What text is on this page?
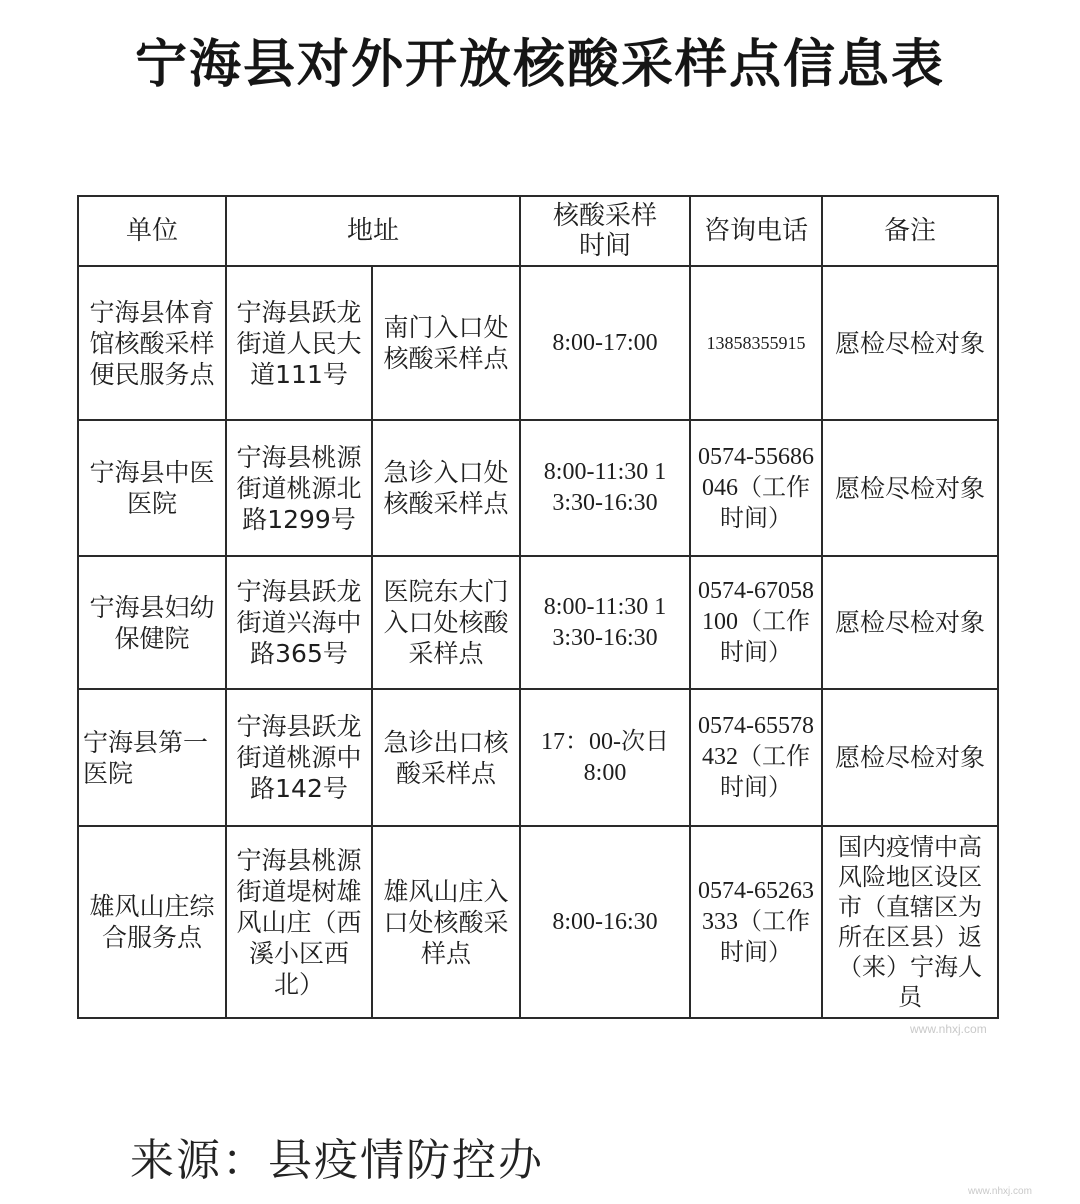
宁海县对外开放核酸采样点信息表
单位	地址		核酸采样时间	咨询电话	备注
宁海县体育馆核酸采样便民服务点	宁海县跃龙街道人民大道111号	南门入口处核酸采样点	8:00-17:00	13858355915	愿检尽检对象
宁海县中医医院	宁海县桃源街道桃源北路1299号	急诊入口处核酸采样点	8:00-11:30 13:30-16:30	0574-55686046（工作时间）	愿检尽检对象
宁海县妇幼保健院	宁海县跃龙街道兴海中路365号	医院东大门入口处核酸采样点	8:00-11:30 13:30-16:30	0574-67058100（工作时间）	愿检尽检对象
宁海县第一医院	宁海县跃龙街道桃源中路142号	急诊出口核酸采样点	17：00-次日8:00	0574-65578432（工作时间）	愿检尽检对象
雄风山庄综合服务点	宁海县桃源街道堤树雄风山庄（西溪小区西北）	雄风山庄入口处核酸采样点	8:00-16:30	0574-65263333（工作时间）	国内疫情中高风险地区设区市（直辖区为所在区县）返（来）宁海人员
www.nhxj.com
来源：县疫情防控办
www.nhxj.com
